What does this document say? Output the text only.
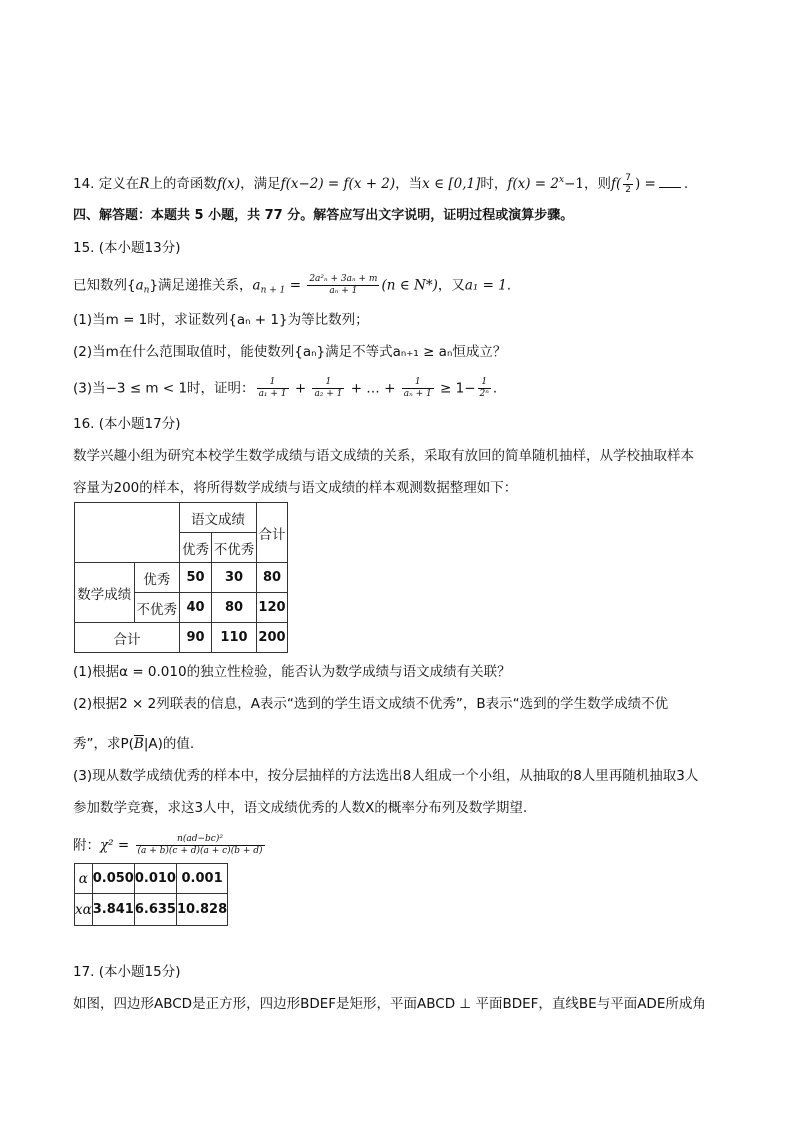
14. 定义在R上的奇函数f(x)，满足f(x−2) = f(x + 2)，当x ∈ [0,1]时，$f(x) = 2^x-1$，则$f( \frac{7}{2}$ ) = .
四、解答题：本题共 5 小题，共 77 分。解答应写出文字说明，证明过程或演算步骤。
15. (本小题13分)
已知数列$\{a_n\}$满足递推关系，$a_{n + 1} = \frac{\text{2a²ₙ + 3aₙ + m}}{\text{aₙ + 1}} (n$ ∈ N*)，又a₁ = 1.
(1)当m = 1时，求证数列{aₙ + 1}为等比数列；
(2)当m在什么范围取值时，能使数列{aₙ}满足不等式aₙ₊₁ ≥ aₙ恒成立？
(3)当−3 ≤ m < 1时，证明： $\frac{1}{\text{a₁ + 1}} + \frac{1}{\text{a₂ + 1}}$ + … + $\frac{1}{\text{aₙ + 1}} \ge 1- \frac{1}{\text{2ⁿ}}$ .
16. (本小题17分)
数学兴趣小组为研究本校学生数学成绩与语文成绩的关系，采取有放回的简单随机抽样，从学校抽取样本
容量为200的样本，将所得数学成绩与语文成绩的样本观测数据整理如下：
		语文成绩		合计
		优秀	不优秀	
数学成绩	优秀	50	30	80
	不优秀	40	80	120
合计		90	110	200
(1)根据α = 0.010的独立性检验，能否认为数学成绩与语文成绩有关联？
(2)根据2 × 2列联表的信息，A表示“选到的学生语文成绩不优秀”，B表示“选到的学生数学成绩不优
秀”，求$P(\overline{B}|A)$的值.
(3)现从数学成绩优秀的样本中，按分层抽样的方法选出8人组成一个小组，从抽取的8人里再随机抽取3人
参加数学竞赛，求这3人中，语文成绩优秀的人数X的概率分布列及数学期望.
附：$\chi^2 = \frac{\text{n(ad−bc)²}}{(a + b)(c + d)(a + c)(b + d)}$
α	0.050	0.010	0.001
xα	3.841	6.635	10.828
17. (本小题15分)
如图，四边形ABCD是正方形，四边形BDEF是矩形，平面ABCD ⊥ 平面BDEF，直线BE与平面ADE所成角
